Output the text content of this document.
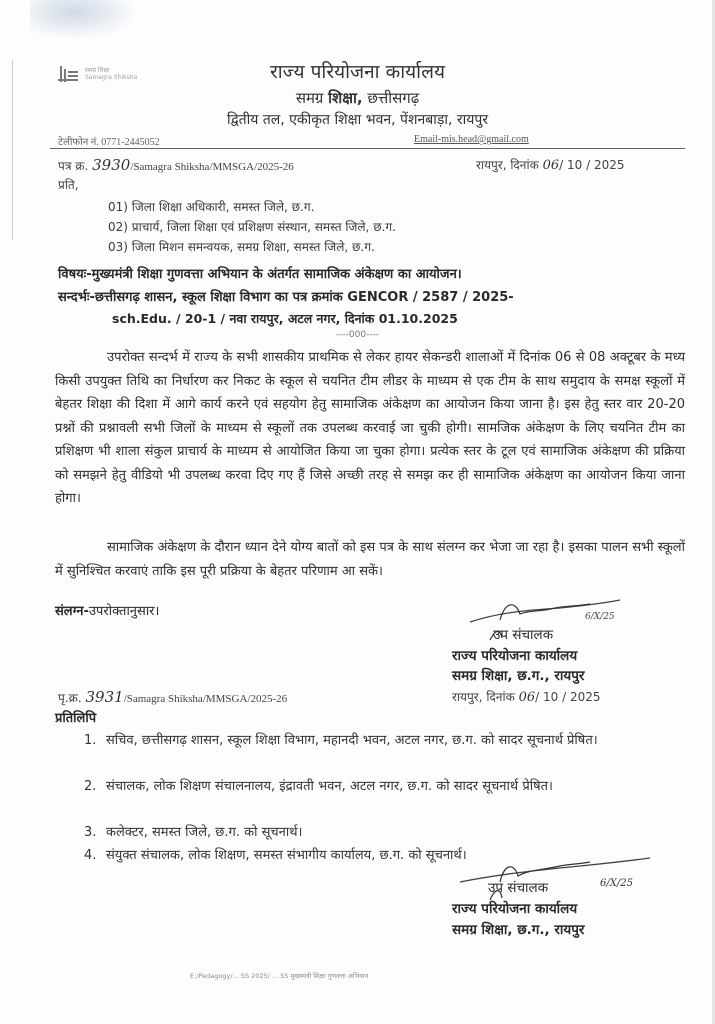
समग्र शिक्षा
Samagra Shiksha	राज्य परियोजना कार्यालय
समग्र शिक्षा, छत्तीसगढ़
द्वितीय तल, एकीकृत शिक्षा भवन, पेंशनबाड़ा, रायपुर
टेलीफोन नं. 0771-2445052	Email-mis.head@gmail.com
पत्र क्र. 3930/Samagra Shiksha/MMSGA/2025-26	रायपुर, दिनांक 06/ 10 / 2025
प्रति,
01) जिला शिक्षा अधिकारी, समस्त जिले, छ.ग.
02) प्राचार्य, जिला शिक्षा एवं प्रशिक्षण संस्थान, समस्त जिले, छ.ग.
03) जिला मिशन समन्वयक, समग्र शिक्षा, समस्त जिले, छ.ग.
विषयः-मुख्यमंत्री शिक्षा गुणवत्ता अभियान के अंतर्गत सामाजिक अंकेक्षण का आयोजन।
सन्दर्भः-छत्तीसगढ़ शासन, स्कूल शिक्षा विभाग का पत्र क्रमांक GENCOR / 2587 / 2025-
sch.Edu. / 20-1 / नवा रायपुर, अटल नगर, दिनांक 01.10.2025
----000----
उपरोक्त सन्दर्भ में राज्य के सभी शासकीय प्राथमिक से लेकर हायर सेकन्डरी शालाओं में दिनांक 06 से 08 अक्टूबर के मध्य किसी उपयुक्त तिथि का निर्धारण कर निकट के स्कूल से चयनित टीम लीडर के माध्यम से एक टीम के साथ समुदाय के समक्ष स्कूलों में बेहतर शिक्षा की दिशा में आगे कार्य करने एवं सहयोग हेतु सामाजिक अंकेक्षण का आयोजन किया जाना है। इस हेतु स्तर वार 20-20 प्रश्नों की प्रश्नावली सभी जिलों के माध्यम से स्कूलों तक उपलब्ध करवाई जा चुकी होगी। सामजिक अंकेक्षण के लिए चयनित टीम का प्रशिक्षण भी शाला संकुल प्राचार्य के माध्यम से आयोजित किया जा चुका होगा। प्रत्येक स्तर के टूल एवं सामाजिक अंकेक्षण की प्रक्रिया को समझने हेतु वीडियो भी उपलब्ध करवा दिए गए हैं जिसे अच्छी तरह से समझ कर ही सामाजिक अंकेक्षण का आयोजन किया जाना होगा।
सामाजिक अंकेक्षण के दौरान ध्यान देने योग्य बातों को इस पत्र के साथ संलग्न कर भेजा जा रहा है। इसका पालन सभी स्कूलों में सुनिश्चित करवाएं ताकि इस पूरी प्रक्रिया के बेहतर परिणाम आ सकें।
संलग्न-उपरोक्तानुसार।	6/X/25
उप संचालक
राज्य परियोजना कार्यालय
समग्र शिक्षा, छ.ग., रायपुर
पृ.क्र. 3931/Samagra Shiksha/MMSGA/2025-26	रायपुर, दिनांक 06/ 10 / 2025
प्रतिलिपि
1. सचिव, छत्तीसगढ़ शासन, स्कूल शिक्षा विभाग, महानदी भवन, अटल नगर, छ.ग. को सादर सूचनार्थ प्रेषित।
2. संचालक, लोक शिक्षण संचालनालय, इंद्रावती भवन, अटल नगर, छ.ग. को सादर सूचनार्थ प्रेषित।
3. कलेक्टर, समस्त जिले, छ.ग. को सूचनार्थ।
4. संयुक्त संचालक, लोक शिक्षण, समस्त संभागीय कार्यालय, छ.ग. को सूचनार्थ।
6/X/25
उप संचालक
राज्य परियोजना कार्यालय
समग्र शिक्षा, छ.ग., रायपुर
E:/Pedagogy/... SS 2025/ ... SS मुख्यमंत्री शिक्षा गुणवत्ता अभियान
